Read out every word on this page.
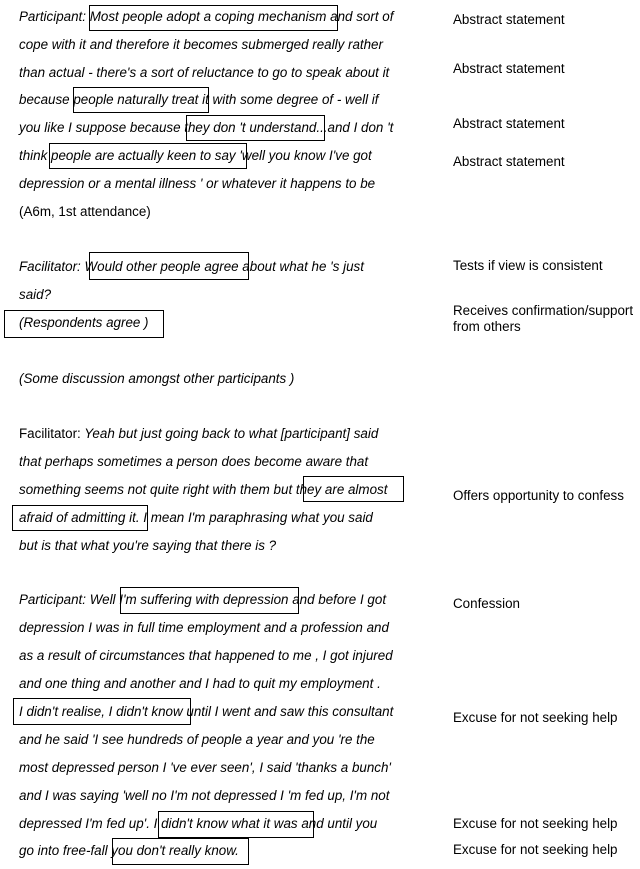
Participant: Most people adopt a coping mechanism and sort of
cope with it and therefore it becomes submerged really rather
than actual - there's a sort of reluctance to go to speak about it
because people naturally treat it with some degree of - well if
you like I suppose because they don 't understand...and I don 't
think people are actually keen to say 'well you know I've got
depression or a mental illness ' or whatever it happens to be
(A6m, 1st attendance)
Facilitator: Would other people agree about what he 's just
said?
(Respondents agree )
(Some discussion amongst other participants )
Facilitator: Yeah but just going back to what [participant] said
that perhaps sometimes a person does become aware that
something seems not quite right with them but they are almost
afraid of admitting it. I mean I'm paraphrasing what you said
but is that what you're saying that there is ?
Participant: Well I'm suffering with depression and before I got
depression I was in full time employment and a profession and
as a result of circumstances that happened to me , I got injured
and one thing and another and I had to quit my employment .
I didn't realise, I didn't know until I went and saw this consultant
and he said 'I see hundreds of people a year and you 're the
most depressed person I 've ever seen', I said 'thanks a bunch'
and I was saying 'well no I'm not depressed I 'm fed up, I'm not
depressed I'm fed up'. I didn't know what it was and until you
go into free-fall you don't really know.
Abstract statement
Abstract statement
Abstract statement
Abstract statement
Tests if view is consistent
Receives confirmation/support
from others
Offers opportunity to confess
Confession
Excuse for not seeking help
Excuse for not seeking help
Excuse for not seeking help
